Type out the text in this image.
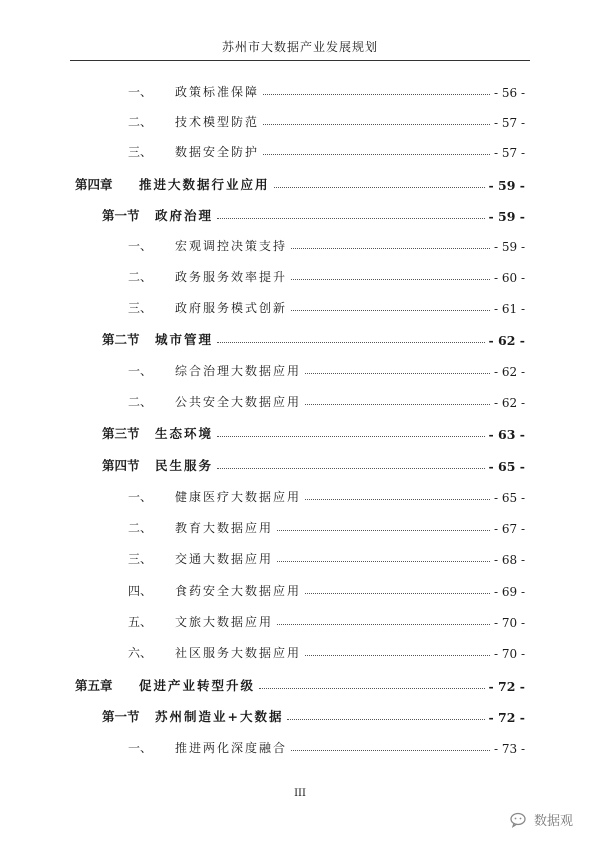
苏州市大数据产业发展规划
一、	政策标准保障	- 56 -
二、	技术模型防范	- 57 -
三、	数据安全防护	- 57 -
第四章	推进大数据行业应用	- 59 -
第一节	政府治理	- 59 -
一、	宏观调控决策支持	- 59 -
二、	政务服务效率提升	- 60 -
三、	政府服务模式创新	- 61 -
第二节	城市管理	- 62 -
一、	综合治理大数据应用	- 62 -
二、	公共安全大数据应用	- 62 -
第三节	生态环境	- 63 -
第四节	民生服务	- 65 -
一、	健康医疗大数据应用	- 65 -
二、	教育大数据应用	- 67 -
三、	交通大数据应用	- 68 -
四、	食药安全大数据应用	- 69 -
五、	文旅大数据应用	- 70 -
六、	社区服务大数据应用	- 70 -
第五章	促进产业转型升级	- 72 -
第一节	苏州制造业+大数据	- 72 -
一、	推进两化深度融合	- 73 -
III
数据观
